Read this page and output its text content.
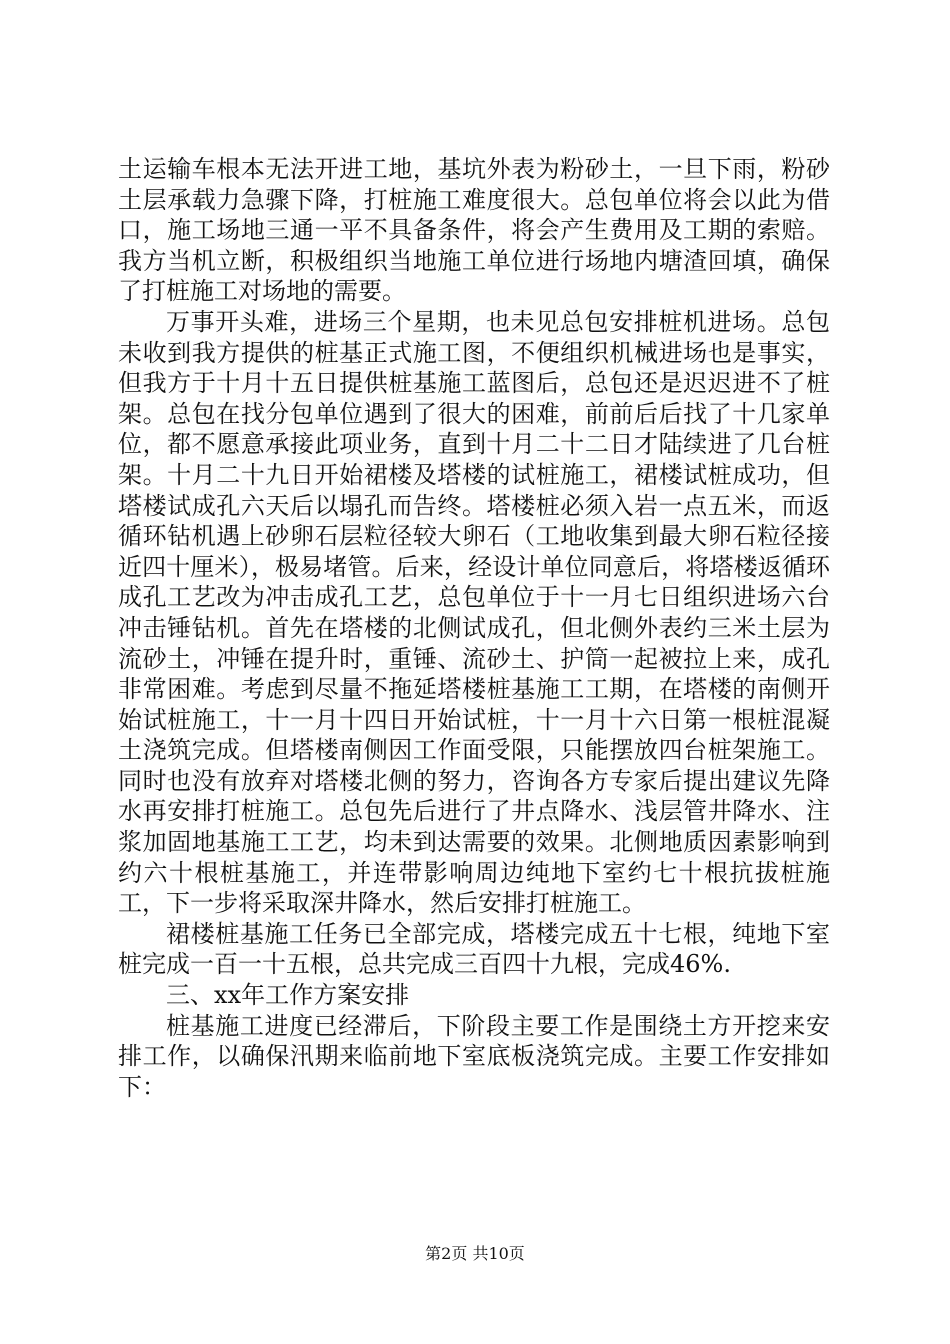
土运输车根本无法开进工地，基坑外表为粉砂土，一旦下雨，粉砂土层承载力急骤下降，打桩施工难度很大。总包单位将会以此为借口，施工场地三通一平不具备条件，将会产生费用及工期的索赔。我方当机立断，积极组织当地施工单位进行场地内塘渣回填，确保了打桩施工对场地的需要。

万事开头难，进场三个星期，也未见总包安排桩机进场。总包未收到我方提供的桩基正式施工图，不便组织机械进场也是事实，但我方于十月十五日提供桩基施工蓝图后，总包还是迟迟进不了桩架。总包在找分包单位遇到了很大的困难，前前后后找了十几家单位，都不愿意承接此项业务，直到十月二十二日才陆续进了几台桩架。十月二十九日开始裙楼及塔楼的试桩施工，裙楼试桩成功，但塔楼试成孔六天后以塌孔而告终。塔楼桩必须入岩一点五米，而返循环钻机遇上砂卵石层粒径较大卵石（工地收集到最大卵石粒径接近四十厘米），极易堵管。后来，经设计单位同意后，将塔楼返循环成孔工艺改为冲击成孔工艺，总包单位于十一月七日组织进场六台冲击锤钻机。首先在塔楼的北侧试成孔，但北侧外表约三米土层为流砂土，冲锤在提升时，重锤、流砂土、护筒一起被拉上来，成孔非常困难。考虑到尽量不拖延塔楼桩基施工工期，在塔楼的南侧开始试桩施工，十一月十四日开始试桩，十一月十六日第一根桩混凝土浇筑完成。但塔楼南侧因工作面受限，只能摆放四台桩架施工。同时也没有放弃对塔楼北侧的努力，咨询各方专家后提出建议先降水再安排打桩施工。总包先后进行了井点降水、浅层管井降水、注浆加固地基施工工艺，均未到达需要的效果。北侧地质因素影响到约六十根桩基施工，并连带影响周边纯地下室约七十根抗拔桩施工，下一步将采取深井降水，然后安排打桩施工。

裙楼桩基施工任务已全部完成，塔楼完成五十七根，纯地下室桩完成一百一十五根，总共完成三百四十九根，完成46%.

三、xx年工作方案安排

桩基施工进度已经滞后，下阶段主要工作是围绕土方开挖来安排工作，以确保汛期来临前地下室底板浇筑完成。主要工作安排如下：

第2页 共10页
